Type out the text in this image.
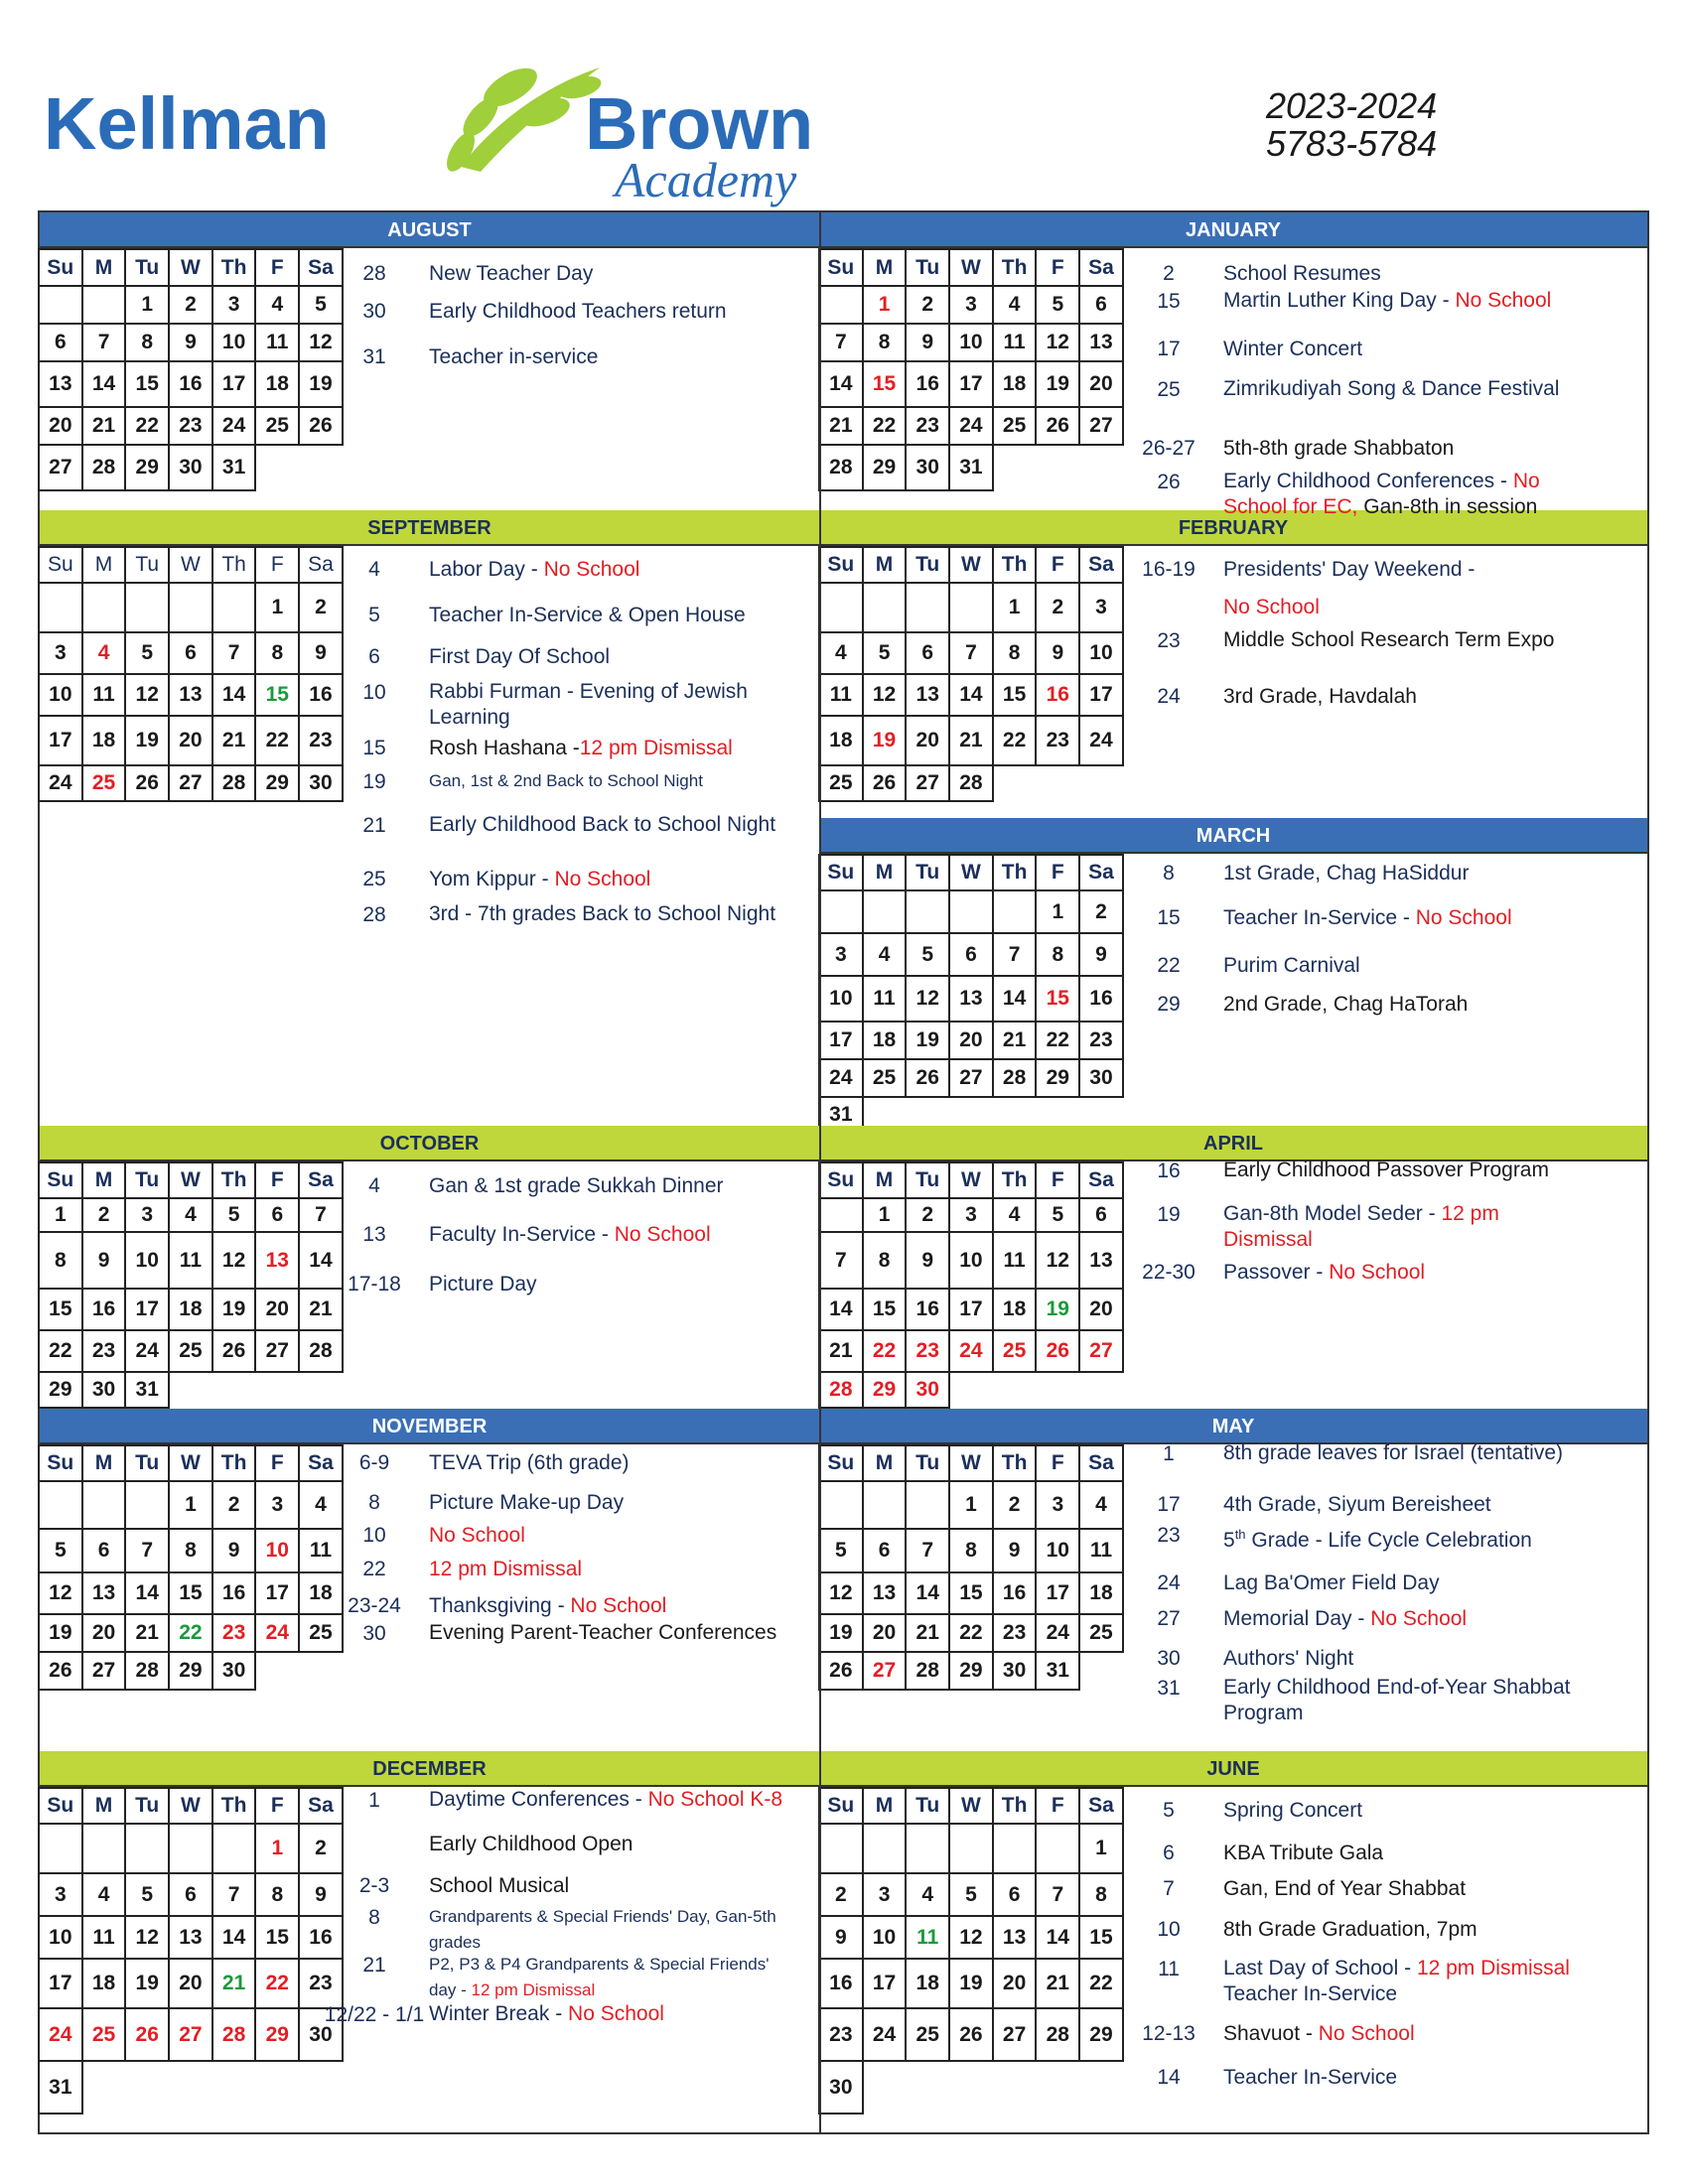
Kellman	Brown
Academy
2023-2024
5783-5784
AUGUST
Su	M	Tu	W	Th	F	Sa
		1	2	3	4	5
6	7	8	9	10	11	12
13	14	15	16	17	18	19
20	21	22	23	24	25	26
27	28	29	30	31		
JANUARY
Su	M	Tu	W	Th	F	Sa
	1	2	3	4	5	6
7	8	9	10	11	12	13
14	15	16	17	18	19	20
21	22	23	24	25	26	27
28	29	30	31			
SEPTEMBER
Su	M	Tu	W	Th	F	Sa
					1	2
3	4	5	6	7	8	9
10	11	12	13	14	15	16
17	18	19	20	21	22	23
24	25	26	27	28	29	30
FEBRUARY
Su	M	Tu	W	Th	F	Sa
				1	2	3
4	5	6	7	8	9	10
11	12	13	14	15	16	17
18	19	20	21	22	23	24
25	26	27	28			
MARCH
Su	M	Tu	W	Th	F	Sa
					1	2
3	4	5	6	7	8	9
10	11	12	13	14	15	16
17	18	19	20	21	22	23
24	25	26	27	28	29	30
31						
OCTOBER
Su	M	Tu	W	Th	F	Sa
1	2	3	4	5	6	7
8	9	10	11	12	13	14
15	16	17	18	19	20	21
22	23	24	25	26	27	28
29	30	31				
APRIL
Su	M	Tu	W	Th	F	Sa
	1	2	3	4	5	6
7	8	9	10	11	12	13
14	15	16	17	18	19	20
21	22	23	24	25	26	27
28	29	30				
NOVEMBER
Su	M	Tu	W	Th	F	Sa
			1	2	3	4
5	6	7	8	9	10	11
12	13	14	15	16	17	18
19	20	21	22	23	24	25
26	27	28	29	30		
MAY
Su	M	Tu	W	Th	F	Sa
			1	2	3	4
5	6	7	8	9	10	11
12	13	14	15	16	17	18
19	20	21	22	23	24	25
26	27	28	29	30	31	
DECEMBER
Su	M	Tu	W	Th	F	Sa
					1	2
3	4	5	6	7	8	9
10	11	12	13	14	15	16
17	18	19	20	21	22	23
24	25	26	27	28	29	30
31						
JUNE
Su	M	Tu	W	Th	F	Sa
						1
2	3	4	5	6	7	8
9	10	11	12	13	14	15
16	17	18	19	20	21	22
23	24	25	26	27	28	29
30						
28	New Teacher Day
30	Early Childhood Teachers return
31	Teacher in-service
4	Labor Day - No School
5	Teacher In-Service & Open House
6	First Day Of School
10	Rabbi Furman - Evening of Jewish Learning
15	Rosh Hashana -12 pm Dismissal
19	Gan, 1st & 2nd Back to School Night
21	Early Childhood Back to School Night
25	Yom Kippur - No School
28	3rd - 7th grades Back to School Night
4	Gan & 1st grade Sukkah Dinner
13	Faculty In-Service - No School
17-18	Picture Day
6-9	TEVA Trip (6th grade)
8	Picture Make-up Day
10	No School
22	12 pm Dismissal
23-24	Thanksgiving - No School
30	Evening Parent-Teacher Conferences
1	Daytime Conferences - No School K-8
Early Childhood Open
2-3	School Musical
8	Grandparents & Special Friends' Day, Gan-5th grades
21	P2, P3 & P4 Grandparents & Special Friends' day - 12 pm Dismissal
12/22 - 1/1 Winter Break - No School
2	School Resumes
15	Martin Luther King Day - No School
17	Winter Concert
25	Zimrikudiyah Song & Dance Festival
26-27	5th-8th grade Shabbaton
26	Early Childhood Conferences - No School for EC, Gan-8th in session
16-19	Presidents' Day Weekend -
No School
23	Middle School Research Term Expo
24	3rd Grade, Havdalah
8	1st Grade, Chag HaSiddur
15	Teacher In-Service - No School
22	Purim Carnival
29	2nd Grade, Chag HaTorah
16	Early Childhood Passover Program
19	Gan-8th Model Seder - 12 pm Dismissal
22-30	Passover - No School
1	8th grade leaves for Israel (tentative)
17	4th Grade, Siyum Bereisheet
23	5th Grade - Life Cycle Celebration
24	Lag Ba'Omer Field Day
27	Memorial Day - No School
30	Authors' Night
31	Early Childhood End-of-Year Shabbat Program
5	Spring Concert
6	KBA Tribute Gala
7	Gan, End of Year Shabbat
10	8th Grade Graduation, 7pm
11	Last Day of School - 12 pm Dismissal
Teacher In-Service
12-13	Shavuot - No School
14	Teacher In-Service
